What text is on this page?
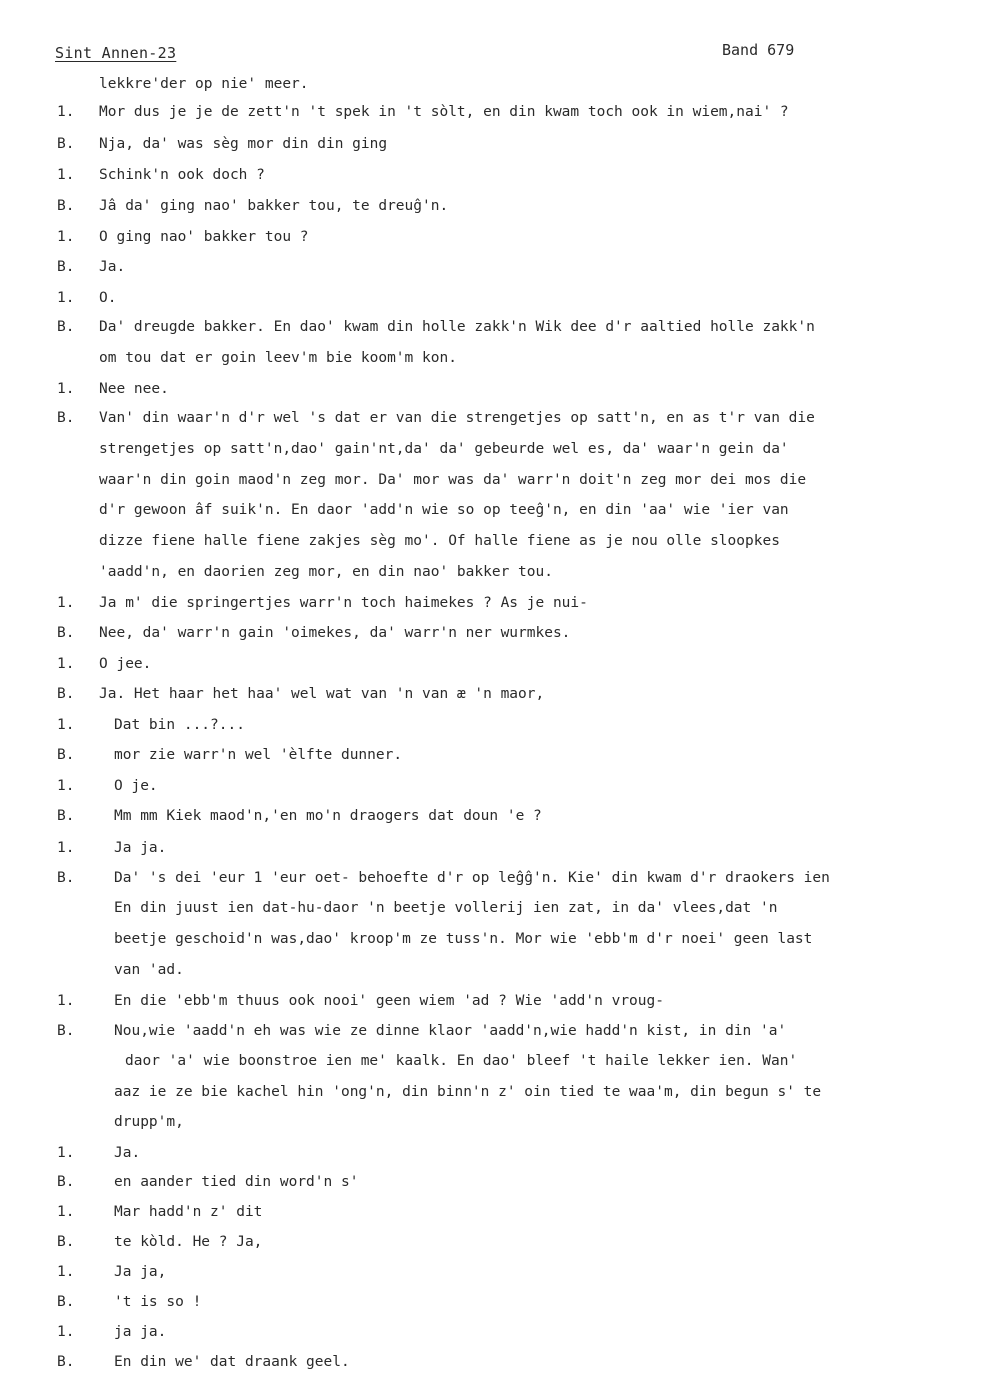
Sint Annen-23	Band 679
lekkre'der op nie' meer.
1.	Mor dus je je de zett'n 't spek in 't sòlt, en din kwam toch ook in wiem,nai' ?
B.	Nja, da' was sèg mor din din ging
1.	Schink'n ook doch ?
B.	Jâ da' ging nao' bakker tou, te dreuĝ'n.
1.	O ging nao' bakker tou ?
B.	Ja.
1.	O.
B.	Da' dreugde bakker. En dao' kwam din holle zakk'n Wik dee d'r aaltied holle zakk'n
om tou dat er goin leev'm bie koom'm kon.
1.	Nee nee.
B.	Van' din waar'n d'r wel 's dat er van die strengetjes op satt'n, en as t'r van die
strengetjes op satt'n,dao' gain'nt,da' da' gebeurde wel es, da' waar'n gein da'
waar'n din goin maod'n zeg mor. Da' mor was da' warr'n doit'n zeg mor dei mos die
d'r gewoon âf suik'n. En daor 'add'n wie so op teeĝ'n, en din 'aa' wie 'ier van
dizze fiene halle fiene zakjes sèg mo'. Of halle fiene as je nou olle sloopkes
'aadd'n, en daorien zeg mor, en din nao' bakker tou.
1.	Ja m' die springertjes warr'n toch haimekes ? As je nui-
B.	Nee, da' warr'n gain 'oimekes, da' warr'n ner wurmkes.
1.	O jee.
B.	Ja. Het haar het haa' wel wat van 'n van æ 'n maor,
1.	Dat bin ...?...
B.	mor zie warr'n wel 'èlfte dunner.
1.	O je.
B.	Mm mm Kiek maod'n,'en mo'n draogers dat doun 'e ?
1.	Ja ja.
B.	Da' 's dei 'eur 1 'eur oet- behoefte d'r op leĝĝ'n. Kie' din kwam d'r draokers ien
En din juust ien dat-hu-daor 'n beetje vollerij ien zat, in da' vlees,dat 'n
beetje geschoid'n was,dao' kroop'm ze tuss'n. Mor wie 'ebb'm d'r noei' geen last
van 'ad.
1.	En die 'ebb'm thuus ook nooi' geen wiem 'ad ? Wie 'add'n vroug-
B.	Nou,wie 'aadd'n eh was wie ze dinne klaor 'aadd'n,wie hadd'n kist, in din 'a'
daor 'a' wie boonstroe ien me' kaalk. En dao' bleef 't haile lekker ien. Wan'
aaz ie ze bie kachel hin 'ong'n, din binn'n z' oin tied te waa'm, din begun s' te
drupp'm,
1.	Ja.
B.	en aander tied din word'n s'
1.	Mar hadd'n z' dit
B.	te kòld. He ? Ja,
1.	Ja ja,
B.	't is so !
1.	ja ja.
B.	En din we' dat draank geel.
